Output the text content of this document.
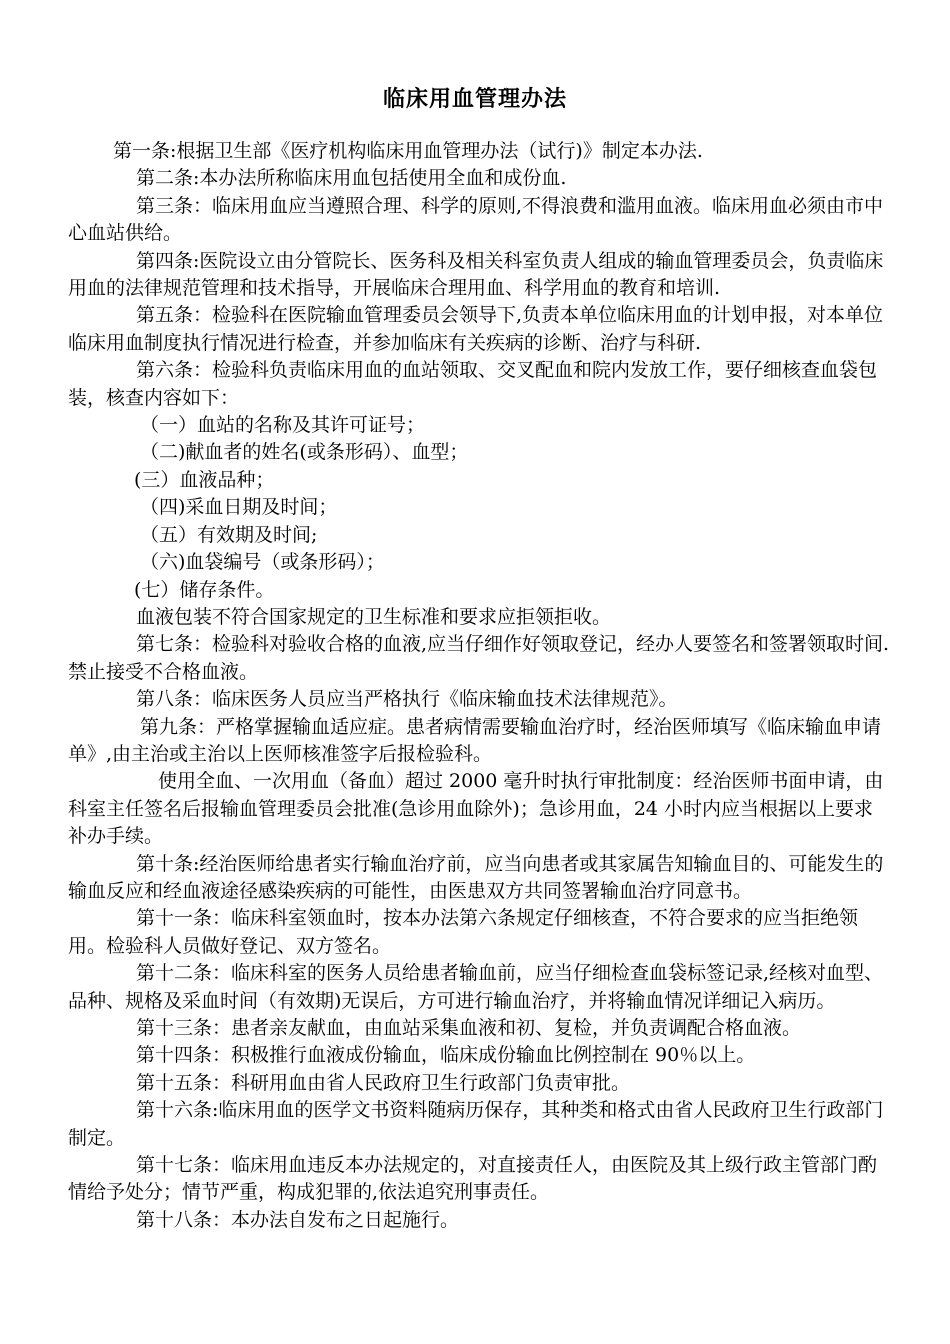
临床用血管理办法

第一条:根据卫生部《医疗机构临床用血管理办法（试行)》制定本办法.

第二条:本办法所称临床用血包括使用全血和成份血.

第三条：临床用血应当遵照合理、科学的原则,不得浪费和滥用血液。临床用血必须由市中心血站供给。

第四条:医院设立由分管院长、医务科及相关科室负责人组成的输血管理委员会，负责临床用血的法律规范管理和技术指导，开展临床合理用血、科学用血的教育和培训.

第五条：检验科在医院输血管理委员会领导下,负责本单位临床用血的计划申报，对本单位临床用血制度执行情况进行检查，并参加临床有关疾病的诊断、治疗与科研.

第六条：检验科负责临床用血的血站领取、交叉配血和院内发放工作，要仔细核查血袋包装，核查内容如下：

（一）血站的名称及其许可证号；

（二)献血者的姓名(或条形码）、血型；

(三）血液品种；

（四)采血日期及时间；

（五）有效期及时间;

（六)血袋编号（或条形码）；

(七）储存条件。

血液包装不符合国家规定的卫生标准和要求应拒领拒收。

第七条：检验科对验收合格的血液,应当仔细作好领取登记，经办人要签名和签署领取时间.禁止接受不合格血液。

第八条：临床医务人员应当严格执行《临床输血技术法律规范》。

第九条：严格掌握输血适应症。患者病情需要输血治疗时，经治医师填写《临床输血申请单》,由主治或主治以上医师核准签字后报检验科。

使用全血、一次用血（备血）超过 2000 毫升时执行审批制度：经治医师书面申请，由科室主任签名后报输血管理委员会批准(急诊用血除外)；急诊用血，24 小时内应当根据以上要求补办手续。

第十条:经治医师给患者实行输血治疗前，应当向患者或其家属告知输血目的、可能发生的输血反应和经血液途径感染疾病的可能性，由医患双方共同签署输血治疗同意书。

第十一条：临床科室领血时，按本办法第六条规定仔细核查，不符合要求的应当拒绝领用。检验科人员做好登记、双方签名。

第十二条：临床科室的医务人员给患者输血前，应当仔细检查血袋标签记录,经核对血型、品种、规格及采血时间（有效期)无误后，方可进行输血治疗，并将输血情况详细记入病历。

第十三条：患者亲友献血，由血站采集血液和初、复检，并负责调配合格血液。

第十四条：积极推行血液成份输血，临床成份输血比例控制在 90％以上。

第十五条：科研用血由省人民政府卫生行政部门负责审批。

第十六条:临床用血的医学文书资料随病历保存，其种类和格式由省人民政府卫生行政部门制定。

第十七条：临床用血违反本办法规定的，对直接责任人，由医院及其上级行政主管部门酌情给予处分；情节严重，构成犯罪的,依法追究刑事责任。

第十八条：本办法自发布之日起施行。
